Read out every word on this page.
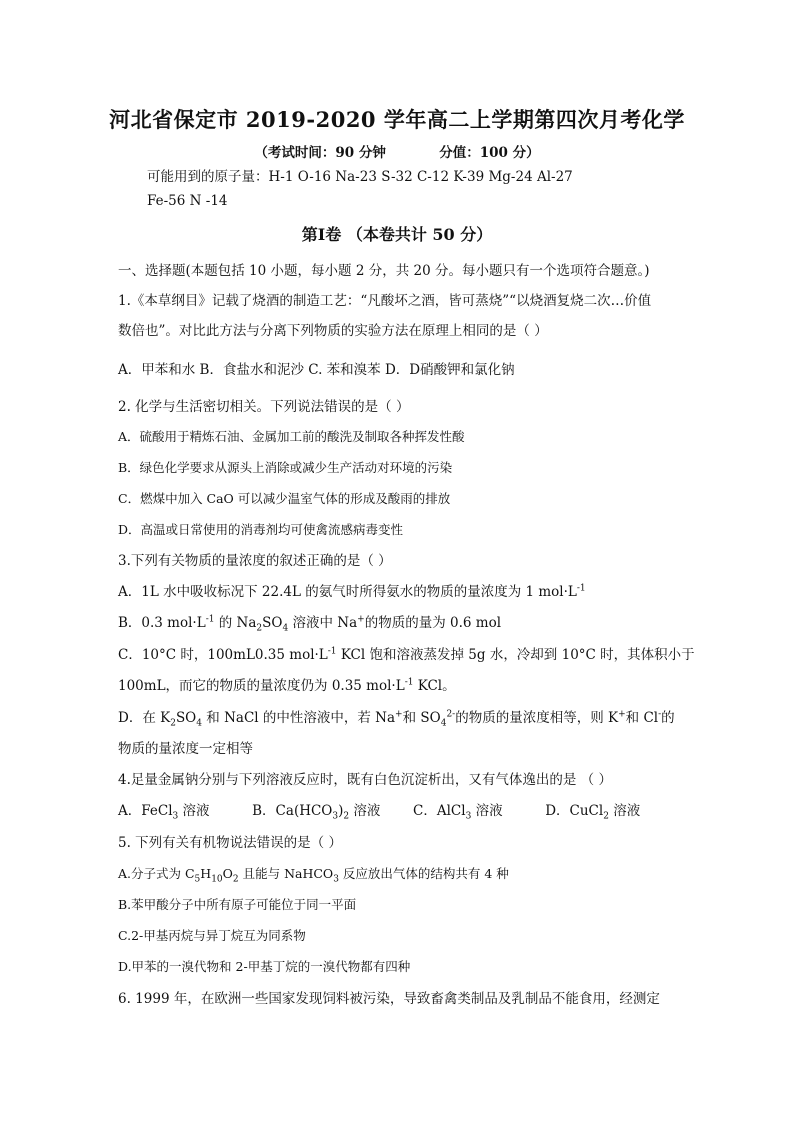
河北省保定市 2019-2020 学年高二上学期第四次月考化学
（考试时间：90 分钟	分值：100 分）
可能用到的原子量：H-1 O-16 Na-23 S-32 C-12 K-39 Mg-24 Al-27
Fe-56 N -14
第Ⅰ卷 （本卷共计 50 分）
一、选择题(本题包括 10 小题，每小题 2 分，共 20 分。每小题只有一个选项符合题意。)
1.《本草纲目》记载了烧酒的制造工艺：“凡酸坏之酒，皆可蒸烧”“以烧酒复烧二次…价值
数倍也”。对比此方法与分离下列物质的实验方法在原理上相同的是（ ）
A．甲苯和水 B．食盐水和泥沙 C. 苯和溴苯 D．D硝酸钾和氯化钠
2. 化学与生活密切相关。下列说法错误的是（ ）
A．硫酸用于精炼石油、金属加工前的酸洗及制取各种挥发性酸
B．绿色化学要求从源头上消除或减少生产活动对环境的污染
C．燃煤中加入 CaO 可以减少温室气体的形成及酸雨的排放
D．高温或日常使用的消毒剂均可使禽流感病毒变性
3.下列有关物质的量浓度的叙述正确的是（ ）
A．1L 水中吸收标况下 22.4L 的氨气时所得氨水的物质的量浓度为 1 $mol\cdot L^{-1}$
B．0.3 $mol\cdot L^{-1}$ 的 $Na_2SO_4$ 溶液中 Na+的物质的量为 0.6 mol
C．10°C 时，100mL0.35 $mol\cdot L^{-1}$ KCl 饱和溶液蒸发掉 5g 水，冷却到 10°C 时，其体积小于
100mL，而它的物质的量浓度仍为 0.35 $mol\cdot L^{-1}$ KCl。
D．在 $K_2SO_4$ 和 NaCl 的中性溶液中，若 Na+和 $SO_4^{2-}$的物质的量浓度相等，则 K+和 Cl-的
物质的量浓度一定相等
4.足量金属钠分别与下列溶液反应时，既有白色沉淀析出，又有气体逸出的是 （ ）
A．FeCl$_3$ 溶液	B．$Ca(HCO_3)_2$ 溶液 C．AlCl$_3$ 溶液	D．CuCl$_2$ 溶液
5. 下列有关有机物说法错误的是（ ）
A.分子式为 $C_5H_{10}O_2$ 且能与 NaHCO$_3$ 反应放出气体的结构共有 4 种
B.苯甲酸分子中所有原子可能位于同一平面
C.2-甲基丙烷与异丁烷互为同系物
D.甲苯的一溴代物和 2-甲基丁烷的一溴代物都有四种
6. 1999 年，在欧洲一些国家发现饲料被污染，导致畜禽类制品及乳制品不能食用，经测定
